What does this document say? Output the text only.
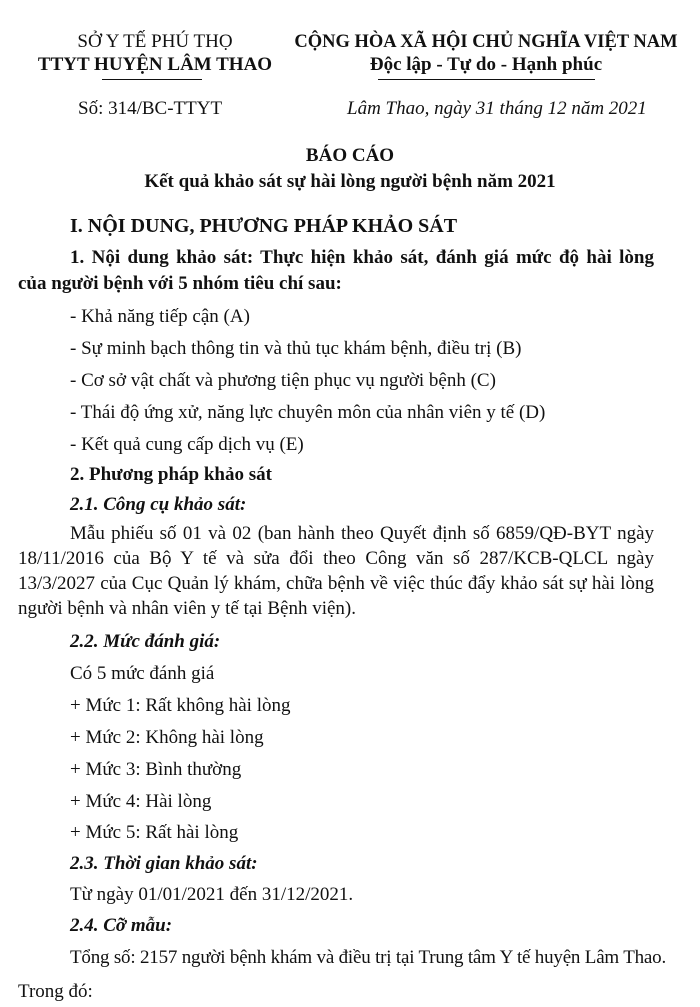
SỞ Y TẾ PHÚ THỌ
TTYT HUYỆN LÂM THAO
CỘNG HÒA XÃ HỘI CHỦ NGHĨA VIỆT NAM
Độc lập - Tự do - Hạnh phúc
Số: 314/BC-TTYT	Lâm Thao, ngày 31 tháng 12 năm 2021
BÁO CÁO
Kết quả khảo sát sự hài lòng người bệnh năm 2021
I. NỘI DUNG, PHƯƠNG PHÁP KHẢO SÁT
1. Nội dung khảo sát: Thực hiện khảo sát, đánh giá mức độ hài lòng
của người bệnh với 5 nhóm tiêu chí sau:
- Khả năng tiếp cận (A)
- Sự minh bạch thông tin và thủ tục khám bệnh, điều trị (B)
- Cơ sở vật chất và phương tiện phục vụ người bệnh (C)
- Thái độ ứng xử, năng lực chuyên môn của nhân viên y tế (D)
- Kết quả cung cấp dịch vụ (E)
2. Phương pháp khảo sát
2.1. Công cụ khảo sát:
Mẫu phiếu số 01 và 02 (ban hành theo Quyết định số 6859/QĐ-BYT ngày
18/11/2016 của Bộ Y tế và sửa đổi theo Công văn số 287/KCB-QLCL ngày
13/3/2027 của Cục Quản lý khám, chữa bệnh về việc thúc đẩy khảo sát sự hài lòng
người bệnh và nhân viên y tế tại Bệnh viện).
2.2. Mức đánh giá:
Có 5 mức đánh giá
+ Mức 1: Rất không hài lòng
+ Mức 2: Không hài lòng
+ Mức 3: Bình thường
+ Mức 4: Hài lòng
+ Mức 5: Rất hài lòng
2.3. Thời gian khảo sát:
Từ ngày 01/01/2021 đến 31/12/2021.
2.4. Cỡ mẫu:
Tổng số: 2157 người bệnh khám và điều trị tại Trung tâm Y tế huyện Lâm Thao.
Trong đó:
